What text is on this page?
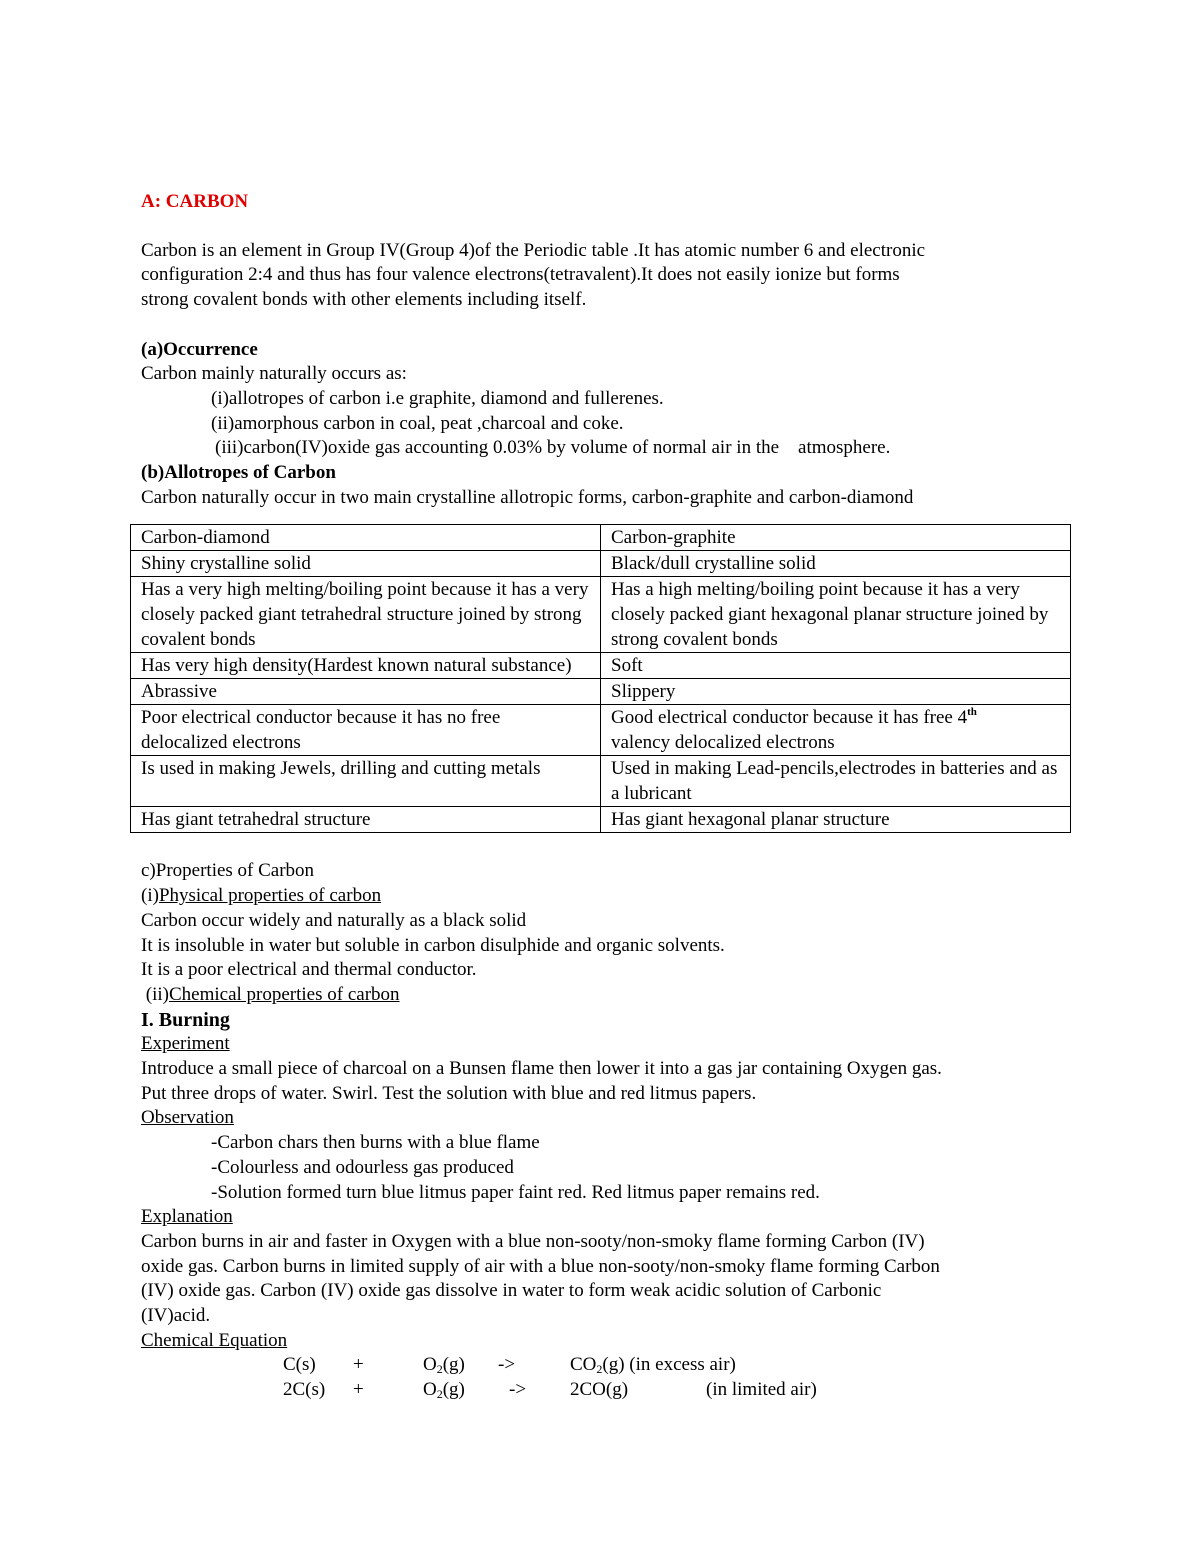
A: CARBON

Carbon is an element in Group IV(Group 4)of the Periodic table .It has atomic number 6 and electronic

configuration 2:4 and thus has four valence electrons(tetravalent).It does not easily ionize but forms

strong covalent bonds with other elements including itself.

(a)Occurrence

Carbon mainly naturally occurs as:

(i)allotropes of carbon i.e graphite, diamond and fullerenes.

(ii)amorphous carbon in coal, peat ,charcoal and coke.

(iii)carbon(IV)oxide gas accounting 0.03% by volume of normal air in the    atmosphere.

(b)Allotropes of Carbon

Carbon naturally occur in two main crystalline allotropic forms, carbon-graphite and carbon-diamond

Carbon-diamond	Carbon-graphite
Shiny crystalline solid	Black/dull crystalline solid
Has a very high melting/boiling point because it has a very closely packed giant tetrahedral structure joined by strong covalent bonds	Has a high melting/boiling point because it has a very closely packed giant hexagonal planar structure joined by strong covalent bonds
Has very high density(Hardest known natural substance)	Soft
Abrassive	Slippery
Poor electrical conductor because it has no free delocalized electrons	Good electrical conductor because it has free 4th
valency delocalized electrons
Is used in making Jewels, drilling and cutting metals	Used in making Lead-pencils,electrodes in batteries and as a lubricant
Has giant tetrahedral structure	Has giant hexagonal planar structure

c)Properties of Carbon

(i)Physical properties of carbon

Carbon occur widely and naturally as a black solid

It is insoluble in water but soluble in carbon disulphide and organic solvents.

It is a poor electrical and thermal conductor.

(ii)Chemical properties of carbon

I. Burning

Experiment

Introduce a small piece of charcoal on a Bunsen flame then lower it into a gas jar containing Oxygen gas.

Put three drops of water. Swirl. Test the solution with blue and red litmus papers.

Observation

-Carbon chars then burns with a blue flame

-Colourless and odourless gas produced

-Solution formed turn blue litmus paper faint red. Red litmus paper remains red.

Explanation

Carbon burns in air and faster in Oxygen with a blue non-sooty/non-smoky flame forming Carbon (IV)

oxide gas. Carbon burns in limited supply of air with a blue non-sooty/non-smoky flame forming Carbon

(IV) oxide gas. Carbon (IV) oxide gas dissolve in water to form weak acidic solution of Carbonic

(IV)acid.

Chemical Equation

C(s) +	$O_2(g)$ ->	$CO_2(g)$ (in excess air)
2C(s) +	$O_2(g) -> 2CO(g)$	(in limited air)
